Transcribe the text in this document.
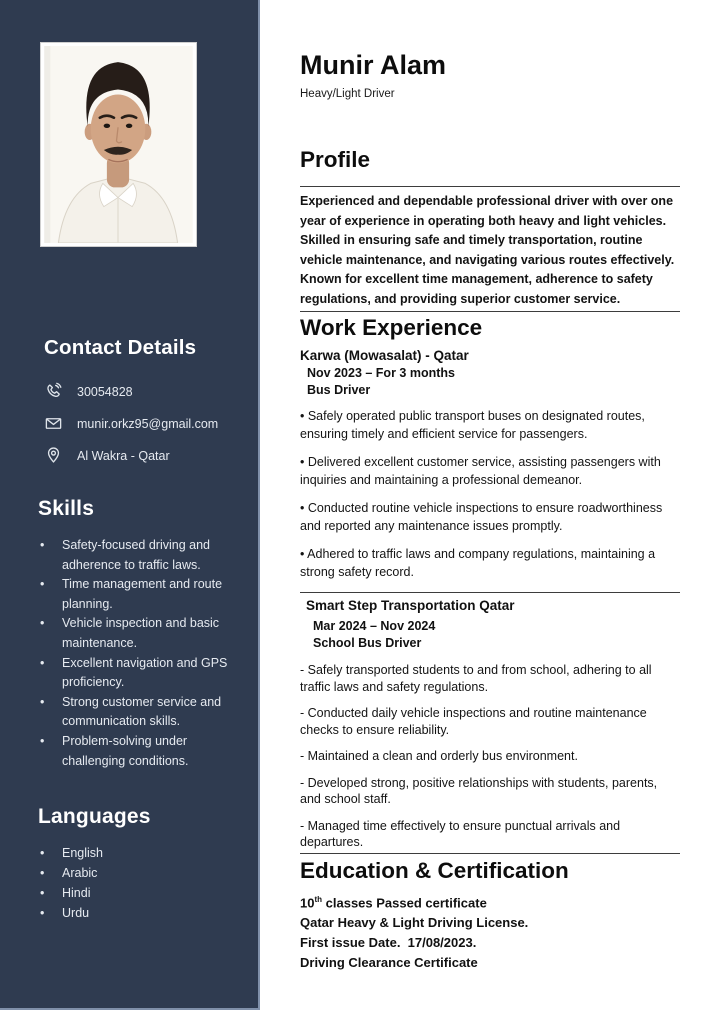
Contact Details
30054828
munir.orkz95@gmail.com
Al Wakra - Qatar
Skills
• Safety-focused driving and adherence to traffic laws.
• Time management and route planning.
• Vehicle inspection and basic maintenance.
• Excellent navigation and GPS proficiency.
• Strong customer service and communication skills.
• Problem-solving under challenging conditions.
Languages
• English
• Arabic
• Hindi
• Urdu
Munir Alam

Heavy/Light Driver

Profile

Experienced and dependable professional driver with over one year of experience in operating both heavy and light vehicles. Skilled in ensuring safe and timely transportation, routine vehicle maintenance, and navigating various routes effectively. Known for excellent time management, adherence to safety regulations, and providing superior customer service.

Work Experience

Karwa (Mowasalat) - Qatar

Nov 2023 – For 3 months

Bus Driver

• Safely operated public transport buses on designated routes, ensuring timely and efficient service for passengers.

• Delivered excellent customer service, assisting passengers with inquiries and maintaining a professional demeanor.

• Conducted routine vehicle inspections to ensure roadworthiness and reported any maintenance issues promptly.

• Adhered to traffic laws and company regulations, maintaining a strong safety record.

Smart Step Transportation Qatar

Mar 2024 – Nov 2024

School Bus Driver

- Safely transported students to and from school, adhering to all traffic laws and safety regulations.

- Conducted daily vehicle inspections and routine maintenance checks to ensure reliability.

- Maintained a clean and orderly bus environment.

- Developed strong, positive relationships with students, parents, and school staff.

- Managed time effectively to ensure punctual arrivals and departures.

Education & Certification

10th classes Passed certificate

Qatar Heavy & Light Driving License.

First issue Date.  17/08/2023.

Driving Clearance Certificate
